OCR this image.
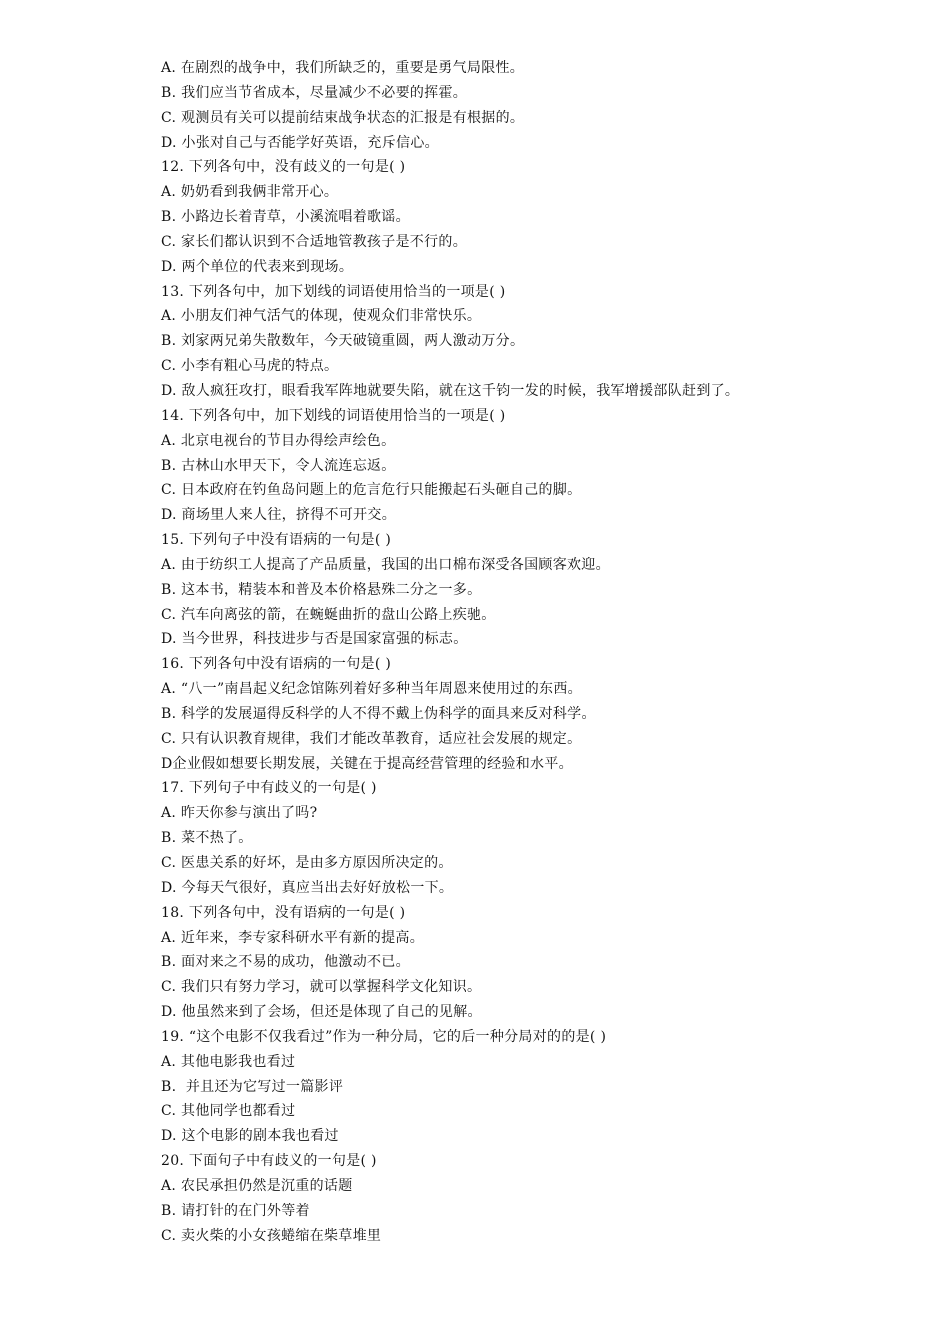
A. 在剧烈的战争中，我们所缺乏的，重要是勇气局限性。
B. 我们应当节省成本，尽量减少不必要的挥霍。
C. 观测员有关可以提前结束战争状态的汇报是有根据的。
D. 小张对自己与否能学好英语，充斥信心。
12. 下列各句中，没有歧义的一句是( )
A. 奶奶看到我俩非常开心。
B. 小路边长着青草，小溪流唱着歌谣。
C. 家长们都认识到不合适地管教孩子是不行的。
D. 两个单位的代表来到现场。
13. 下列各句中，加下划线的词语使用恰当的一项是( )
A. 小朋友们神气活气的体现，使观众们非常快乐。
B. 刘家两兄弟失散数年，今天破镜重圆，两人激动万分。
C. 小李有粗心马虎的特点。
D. 敌人疯狂攻打，眼看我军阵地就要失陷，就在这千钧一发的时候，我军增援部队赶到了。
14. 下列各句中，加下划线的词语使用恰当的一项是( )
A. 北京电视台的节目办得绘声绘色。
B. 古林山水甲天下，令人流连忘返。
C. 日本政府在钓鱼岛问题上的危言危行只能搬起石头砸自己的脚。
D. 商场里人来人往，挤得不可开交。
15. 下列句子中没有语病的一句是( )
A. 由于纺织工人提高了产品质量，我国的出口棉布深受各国顾客欢迎。
B. 这本书，精装本和普及本价格悬殊二分之一多。
C. 汽车向离弦的箭，在蜿蜒曲折的盘山公路上疾驰。
D. 当今世界，科技进步与否是国家富强的标志。
16. 下列各句中没有语病的一句是( )
A. “八一”南昌起义纪念馆陈列着好多种当年周恩来使用过的东西。
B. 科学的发展逼得反科学的人不得不戴上伪科学的面具来反对科学。
C. 只有认识教育规律，我们才能改革教育，适应社会发展的规定。
D企业假如想要长期发展，关键在于提高经营管理的经验和水平。
17. 下列句子中有歧义的一句是( )
A. 昨天你参与演出了吗?
B. 菜不热了。
C. 医患关系的好坏，是由多方原因所决定的。
D. 今每天气很好，真应当出去好好放松一下。
18. 下列各句中，没有语病的一句是( )
A. 近年来，李专家科研水平有新的提高。
B. 面对来之不易的成功，他激动不已。
C. 我们只有努力学习，就可以掌握科学文化知识。
D. 他虽然来到了会场，但还是体现了自己的见解。
19. “这个电影不仅我看过”作为一种分局，它的后一种分局对的的是( )
A. 其他电影我也看过
B.  并且还为它写过一篇影评
C. 其他同学也都看过
D. 这个电影的剧本我也看过
20. 下面句子中有歧义的一句是( )
A. 农民承担仍然是沉重的话题
B. 请打针的在门外等着
C. 卖火柴的小女孩蜷缩在柴草堆里
